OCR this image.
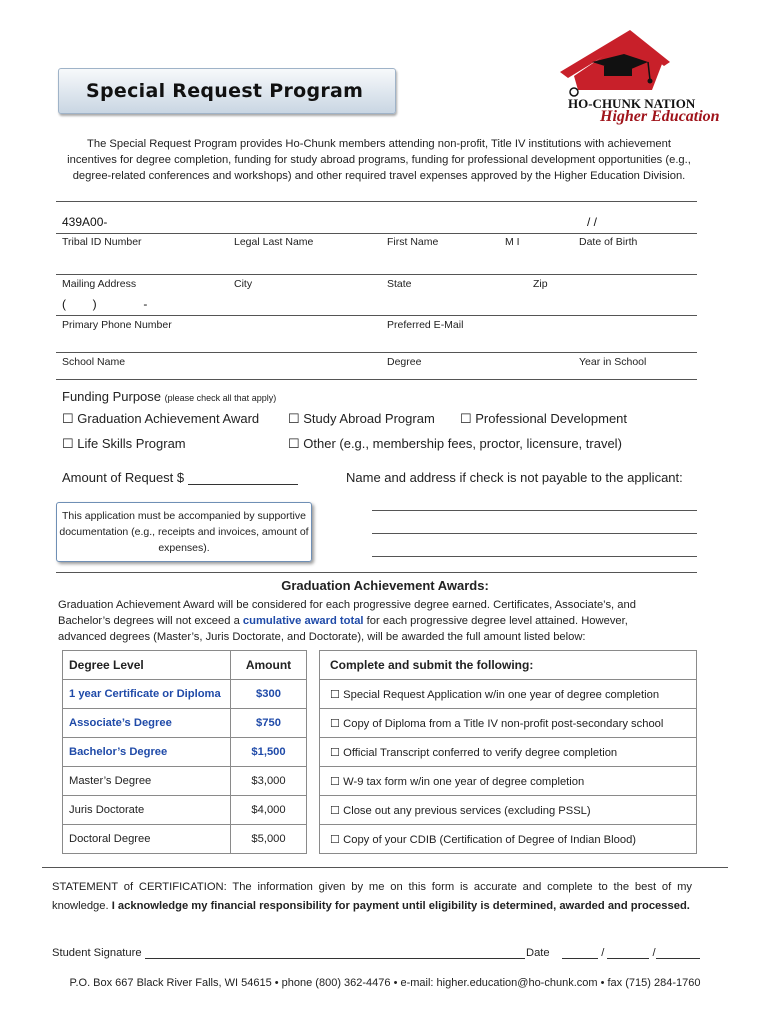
Special Request Program
HO-CHUNK NATION
Higher Education
The Special Request Program provides Ho-Chunk members attending non-profit, Title IV institutions with achievement incentives for degree completion, funding for study abroad programs, funding for professional development opportunities (e.g., degree-related conferences and workshops) and other required travel expenses approved by the Higher Education Division.
439A00-	/ /
Tribal ID Number	Legal Last Name	First Name	M I	Date of Birth
Mailing Address	City	State	Zip
(        )              -
Primary Phone Number	Preferred E-Mail
School Name	Degree	Year in School
Funding Purpose (please check all that apply)
☐ Graduation Achievement Award ☐ Study Abroad Program ☐ Professional Development
☐ Life Skills Program	☐ Other (e.g., membership fees, proctor, licensure, travel)
Amount of Request $	Name and address if check is not payable to the applicant:
This application must be accompanied by supportive documentation (e.g., receipts and invoices, amount of expenses).
Graduation Achievement Awards:
Graduation Achievement Award will be considered for each progressive degree earned. Certificates, Associate’s, and Bachelor’s degrees will not exceed a cumulative award total for each progressive degree level attained. However, advanced degrees (Master’s, Juris Doctorate, and Doctorate), will be awarded the full amount listed below:
Degree Level	Amount
1 year Certificate or Diploma	$300
Associate’s Degree	$750
Bachelor’s Degree	$1,500
Master’s Degree	$3,000
Juris Doctorate	$4,000
Doctoral Degree	$5,000
Complete and submit the following:
☐ Special Request Application w/in one year of degree completion
☐ Copy of Diploma from a Title IV non-profit post-secondary school
☐ Official Transcript conferred to verify degree completion
☐ W-9 tax form w/in one year of degree completion
☐ Close out any previous services (excluding PSSL)
☐ Copy of your CDIB (Certification of Degree of Indian Blood)
STATEMENT of CERTIFICATION: The information given by me on this form is accurate and complete to the best of my knowledge. I acknowledge my financial responsibility for payment until eligibility is determined, awarded and processed.
Student Signature	Date	/	/
P.O. Box 667 Black River Falls, WI 54615 • phone (800) 362-4476 • e-mail: higher.education@ho-chunk.com • fax (715) 284-1760
